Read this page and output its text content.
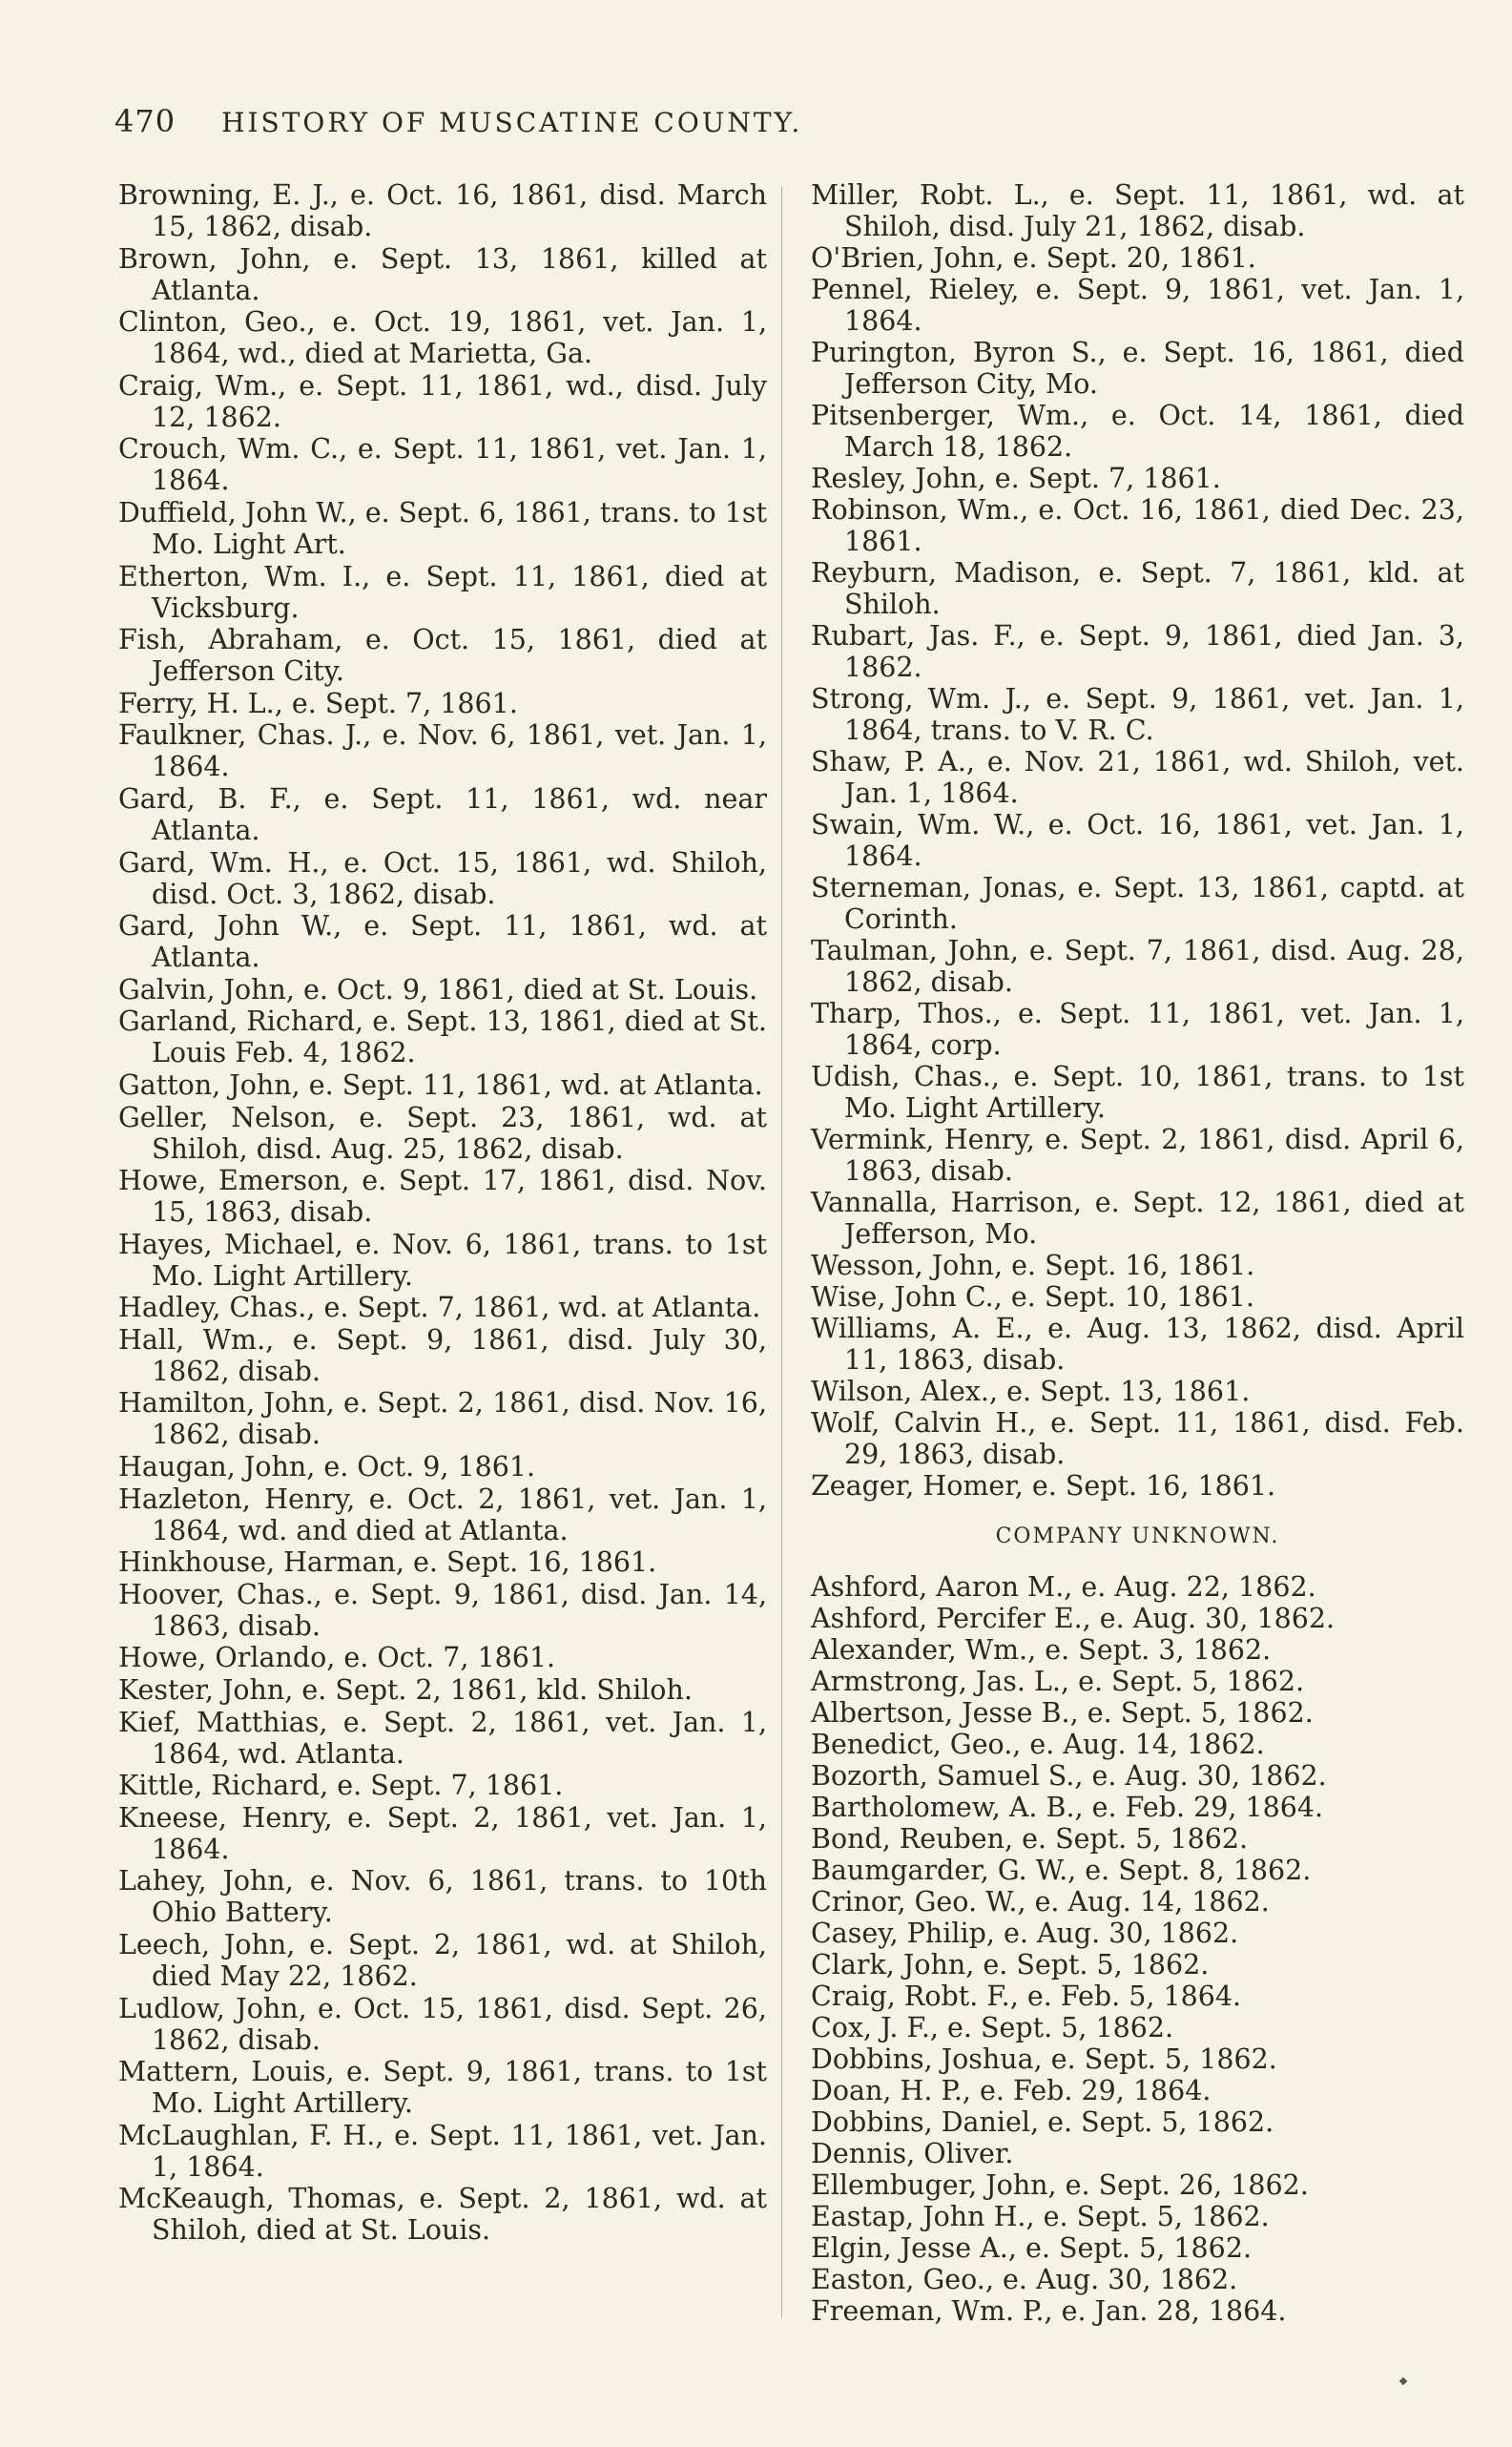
470 HISTORY OF MUSCATINE COUNTY.

Browning, E. J., e. Oct. 16, 1861, disd. March 15, 1862, disab.

Brown, John, e. Sept. 13, 1861, killed at Atlanta.

Clinton, Geo., e. Oct. 19, 1861, vet. Jan. 1, 1864, wd., died at Marietta, Ga.

Craig, Wm., e. Sept. 11, 1861, wd., disd. July 12, 1862.

Crouch, Wm. C., e. Sept. 11, 1861, vet. Jan. 1, 1864.

Duffield, John W., e. Sept. 6, 1861, trans. to 1st Mo. Light Art.

Etherton, Wm. I., e. Sept. 11, 1861, died at Vicksburg.

Fish, Abraham, e. Oct. 15, 1861, died at Jefferson City.

Ferry, H. L., e. Sept. 7, 1861.

Faulkner, Chas. J., e. Nov. 6, 1861, vet. Jan. 1, 1864.

Gard, B. F., e. Sept. 11, 1861, wd. near Atlanta.

Gard, Wm. H., e. Oct. 15, 1861, wd. Shiloh, disd. Oct. 3, 1862, disab.

Gard, John W., e. Sept. 11, 1861, wd. at Atlanta.

Galvin, John, e. Oct. 9, 1861, died at St. Louis.

Garland, Richard, e. Sept. 13, 1861, died at St. Louis Feb. 4, 1862.

Gatton, John, e. Sept. 11, 1861, wd. at Atlanta.

Geller, Nelson, e. Sept. 23, 1861, wd. at Shiloh, disd. Aug. 25, 1862, disab.

Howe, Emerson, e. Sept. 17, 1861, disd. Nov. 15, 1863, disab.

Hayes, Michael, e. Nov. 6, 1861, trans. to 1st Mo. Light Artillery.

Hadley, Chas., e. Sept. 7, 1861, wd. at Atlanta.

Hall, Wm., e. Sept. 9, 1861, disd. July 30, 1862, disab.

Hamilton, John, e. Sept. 2, 1861, disd. Nov. 16, 1862, disab.

Haugan, John, e. Oct. 9, 1861.

Hazleton, Henry, e. Oct. 2, 1861, vet. Jan. 1, 1864, wd. and died at Atlanta.

Hinkhouse, Harman, e. Sept. 16, 1861.

Hoover, Chas., e. Sept. 9, 1861, disd. Jan. 14, 1863, disab.

Howe, Orlando, e. Oct. 7, 1861.

Kester, John, e. Sept. 2, 1861, kld. Shiloh.

Kief, Matthias, e. Sept. 2, 1861, vet. Jan. 1, 1864, wd. Atlanta.

Kittle, Richard, e. Sept. 7, 1861.

Kneese, Henry, e. Sept. 2, 1861, vet. Jan. 1, 1864.

Lahey, John, e. Nov. 6, 1861, trans. to 10th Ohio Battery.

Leech, John, e. Sept. 2, 1861, wd. at Shiloh, died May 22, 1862.

Ludlow, John, e. Oct. 15, 1861, disd. Sept. 26, 1862, disab.

Mattern, Louis, e. Sept. 9, 1861, trans. to 1st Mo. Light Artillery.

McLaughlan, F. H., e. Sept. 11, 1861, vet. Jan. 1, 1864.

McKeaugh, Thomas, e. Sept. 2, 1861, wd. at Shiloh, died at St. Louis.

Miller, Robt. L., e. Sept. 11, 1861, wd. at Shiloh, disd. July 21, 1862, disab.

O'Brien, John, e. Sept. 20, 1861.

Pennel, Rieley, e. Sept. 9, 1861, vet. Jan. 1, 1864.

Purington, Byron S., e. Sept. 16, 1861, died Jefferson City, Mo.

Pitsenberger, Wm., e. Oct. 14, 1861, died March 18, 1862.

Resley, John, e. Sept. 7, 1861.

Robinson, Wm., e. Oct. 16, 1861, died Dec. 23, 1861.

Reyburn, Madison, e. Sept. 7, 1861, kld. at Shiloh.

Rubart, Jas. F., e. Sept. 9, 1861, died Jan. 3, 1862.

Strong, Wm. J., e. Sept. 9, 1861, vet. Jan. 1, 1864, trans. to V. R. C.

Shaw, P. A., e. Nov. 21, 1861, wd. Shiloh, vet. Jan. 1, 1864.

Swain, Wm. W., e. Oct. 16, 1861, vet. Jan. 1, 1864.

Sterneman, Jonas, e. Sept. 13, 1861, captd. at Corinth.

Taulman, John, e. Sept. 7, 1861, disd. Aug. 28, 1862, disab.

Tharp, Thos., e. Sept. 11, 1861, vet. Jan. 1, 1864, corp.

Udish, Chas., e. Sept. 10, 1861, trans. to 1st Mo. Light Artillery.

Vermink, Henry, e. Sept. 2, 1861, disd. April 6, 1863, disab.

Vannalla, Harrison, e. Sept. 12, 1861, died at Jefferson, Mo.

Wesson, John, e. Sept. 16, 1861.

Wise, John C., e. Sept. 10, 1861.

Williams, A. E., e. Aug. 13, 1862, disd. April 11, 1863, disab.

Wilson, Alex., e. Sept. 13, 1861.

Wolf, Calvin H., e. Sept. 11, 1861, disd. Feb. 29, 1863, disab.

Zeager, Homer, e. Sept. 16, 1861.

COMPANY UNKNOWN.

Ashford, Aaron M., e. Aug. 22, 1862.

Ashford, Percifer E., e. Aug. 30, 1862.

Alexander, Wm., e. Sept. 3, 1862.

Armstrong, Jas. L., e. Sept. 5, 1862.

Albertson, Jesse B., e. Sept. 5, 1862.

Benedict, Geo., e. Aug. 14, 1862.

Bozorth, Samuel S., e. Aug. 30, 1862.

Bartholomew, A. B., e. Feb. 29, 1864.

Bond, Reuben, e. Sept. 5, 1862.

Baumgarder, G. W., e. Sept. 8, 1862.

Crinor, Geo. W., e. Aug. 14, 1862.

Casey, Philip, e. Aug. 30, 1862.

Clark, John, e. Sept. 5, 1862.

Craig, Robt. F., e. Feb. 5, 1864.

Cox, J. F., e. Sept. 5, 1862.

Dobbins, Joshua, e. Sept. 5, 1862.

Doan, H. P., e. Feb. 29, 1864.

Dobbins, Daniel, e. Sept. 5, 1862.

Dennis, Oliver.

Ellembuger, John, e. Sept. 26, 1862.

Eastap, John H., e. Sept. 5, 1862.

Elgin, Jesse A., e. Sept. 5, 1862.

Easton, Geo., e. Aug. 30, 1862.

Freeman, Wm. P., e. Jan. 28, 1864.
